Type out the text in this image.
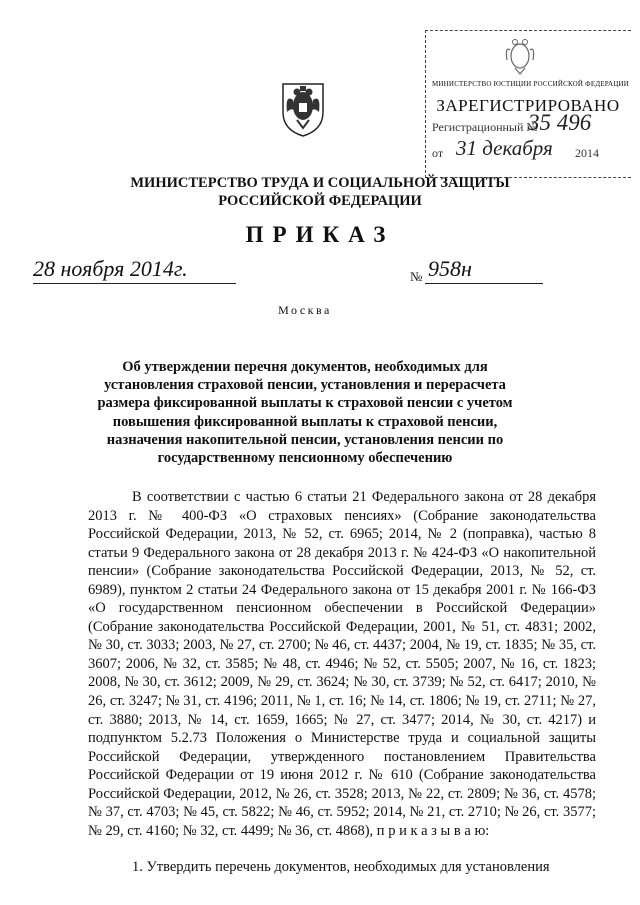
МИНИСТЕРСТВО ЮСТИЦИИ РОССИЙСКОЙ ФЕДЕРАЦИИ
ЗАРЕГИСТРИРОВАНО
Регистрационный №
35 496
от 31 декабря 2014
МИНИСТЕРСТВО ТРУДА И СОЦИАЛЬНОЙ ЗАЩИТЫ
РОССИЙСКОЙ ФЕДЕРАЦИИ
ПРИКАЗ
28 ноября 2014г.	№ 958н
Москва
Об утверждении перечня документов, необходимых для установления страховой пенсии, установления и перерасчета размера фиксированной выплаты к страховой пенсии с учетом повышения фиксированной выплаты к страховой пенсии, назначения накопительной пенсии, установления пенсии по государственному пенсионному обеспечению
В соответствии с частью 6 статьи 21 Федерального закона от 28 декабря 2013 г. № 400-ФЗ «О страховых пенсиях» (Собрание законодательства Российской Федерации, 2013, № 52, ст. 6965; 2014, № 2 (поправка), частью 8 статьи 9 Федерального закона от 28 декабря 2013 г. № 424-ФЗ «О накопительной пенсии» (Собрание законодательства Российской Федерации, 2013, № 52, ст. 6989), пунктом 2 статьи 24 Федерального закона от 15 декабря 2001 г. № 166-ФЗ «О государственном пенсионном обеспечении в Российской Федерации» (Собрание законодательства Российской Федерации, 2001, № 51, ст. 4831; 2002, № 30, ст. 3033; 2003, № 27, ст. 2700; № 46, ст. 4437; 2004, № 19, ст. 1835; № 35, ст. 3607; 2006, № 32, ст. 3585; № 48, ст. 4946; № 52, ст. 5505; 2007, № 16, ст. 1823; 2008, № 30, ст. 3612; 2009, № 29, ст. 3624; № 30, ст. 3739; № 52, ст. 6417; 2010, № 26, ст. 3247; № 31, ст. 4196; 2011, № 1, ст. 16; № 14, ст. 1806; № 19, ст. 2711; № 27, ст. 3880; 2013, № 14, ст. 1659, 1665; № 27, ст. 3477; 2014, № 30, ст. 4217) и подпунктом 5.2.73 Положения о Министерстве труда и социальной защиты Российской Федерации, утвержденного постановлением Правительства Российской Федерации от 19 июня 2012 г. № 610 (Собрание законодательства Российской Федерации, 2012, № 26, ст. 3528; 2013, № 22, ст. 2809; № 36, ст. 4578; № 37, ст. 4703; № 45, ст. 5822; № 46, ст. 5952; 2014, № 21, ст. 2710; № 26, ст. 3577; № 29, ст. 4160; № 32, ст. 4499; № 36, ст. 4868), п р и к а з ы в а ю:
1. Утвердить перечень документов, необходимых для установления
